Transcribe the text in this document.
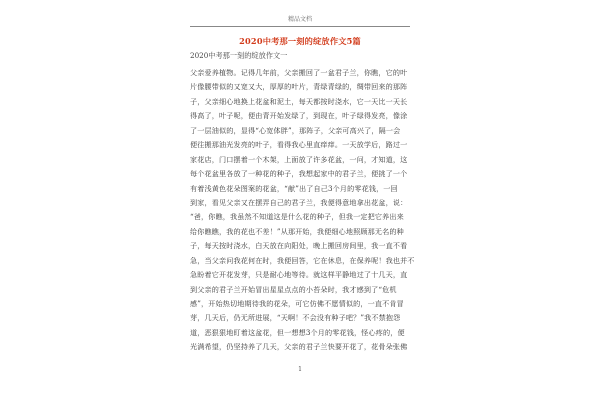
精品文档
2020中考那一刻的绽放作文5篇
2020中考那一刻的绽放作文一
父亲爱养植物。记得几年前，父亲搬回了一盆君子兰，你瞧，它的叶
片像腰带似的又宽又大，厚厚的叶片，青绿青绿的，绸带回来的那阵
子，父亲细心地换上花盆和泥土，每天都按时浇水，它一天比一天长
得高了，叶子呢，便由青开始发绿了，到现在，叶子绿得发亮，像涂
了一层油似的，显得“心宽体胖”，那阵子，父亲可高兴了，隔一会
便往搬那油光发亮的叶子，看得我心里直痒痒。一天放学后，路过一
家花店，门口摆着一个木架，上面放了许多花盆，一问，才知道，这
每个花盆里各放了一种花的种子，我想起家中的君子兰，便挑了一个
有着浅黄色花朵图案的花盆，“献”出了自己3个月的零花钱，一回
到家，看见父亲又在摆弄自己的君子兰，我便得意地拿出花盆，说：
“爸，你瞧，我虽然不知道这是什么花的种子，但我一定把它养出来
给你瞧瞧，我的花也不差！”从那开始，我便细心地照顾那无名的种
子，每天按时浇水，白天放在向阳处，晚上搬回房间里，我一直不看
急，当父亲问我花何在时，我便回答，它在休息，在保养呢！我也并不
急盼着它开花发芽，只是耐心地等待。就这样平静地过了十几天，直
到父亲的君子兰开始冒出星星点点的小苔朵时，我才感到了“危机
感”，开始热切地期待我的花朵，可它仿佛不愿情似的，一直不肯冒
芽，几天后，仍无所进展，“天啊！不会没有种子吧？”我不禁抱怨
道，恶狠狠地盯着这盆花，但一想想3个月的零花钱，怪心疼的，便
光满希望，仍坚持养了几天，父亲的君子兰快要开花了，花骨朵张佛
1
